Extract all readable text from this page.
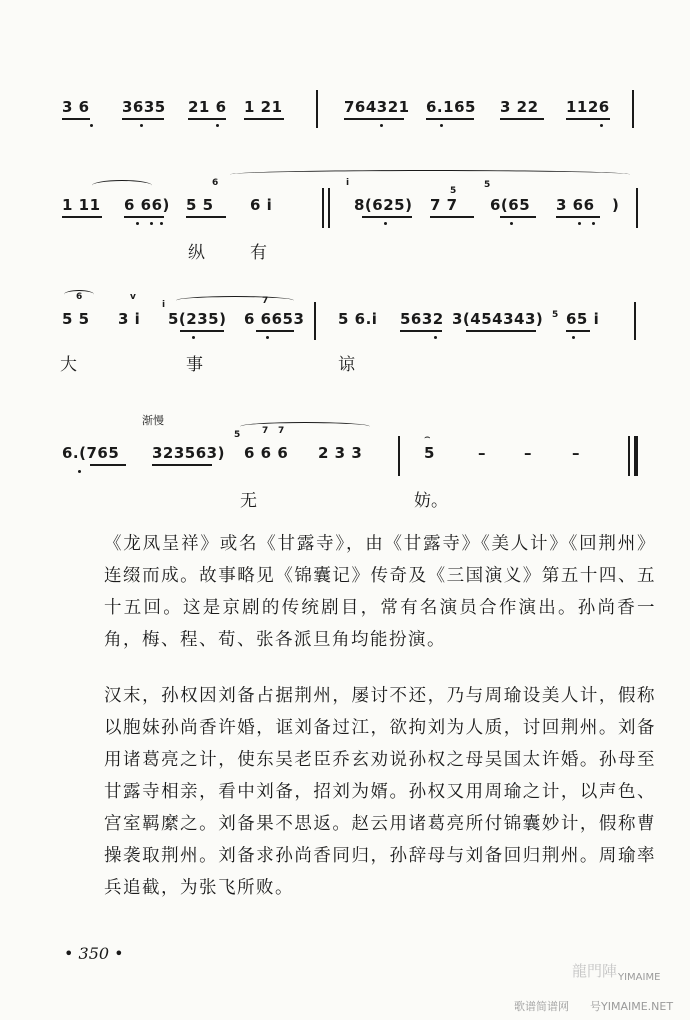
3 6 3635 21 6 1 21	764321 6.165 3 22 1126
6	i
5
5
1 11 6 66) 5 5 6 i	8(625) 7 7 6(65 3 66 )
纵	有
6	v
i	7
5
5 5 3 i 5(235) 6 6653 5 6.i 5632 3(454343) 65 i
大	事	谅
渐慢
5 7 7
6.(765 323563) 6 6 6 2 3 3
⌢
5	–	–	–
无	妨。

《龙凤呈祥》或名《甘露寺》，由《甘露寺》《美人计》《回荆州》连缀而成。故事略见《锦囊记》传奇及《三国演义》第五十四、五十五回。这是京剧的传统剧目，常有名演员合作演出。孙尚香一角，梅、程、荀、张各派旦角均能扮演。

汉末，孙权因刘备占据荆州，屡讨不还，乃与周瑜设美人计，假称以胞妹孙尚香许婚，诓刘备过江，欲拘刘为人质，讨回荆州。刘备用诸葛亮之计，使东吴老臣乔玄劝说孙权之母吴国太许婚。孙母至甘露寺相亲，看中刘备，招刘为婿。孙权又用周瑜之计，以声色、宫室羁縻之。刘备果不思返。赵云用诸葛亮所付锦囊妙计，假称曹操袭取荆州。刘备求孙尚香同归，孙辞母与刘备回归荆州。周瑜率兵追截，为张飞所败。

• 350 •
龍門陣 YIMAIME
歌谱简谱网 号YIMAIME.NET
